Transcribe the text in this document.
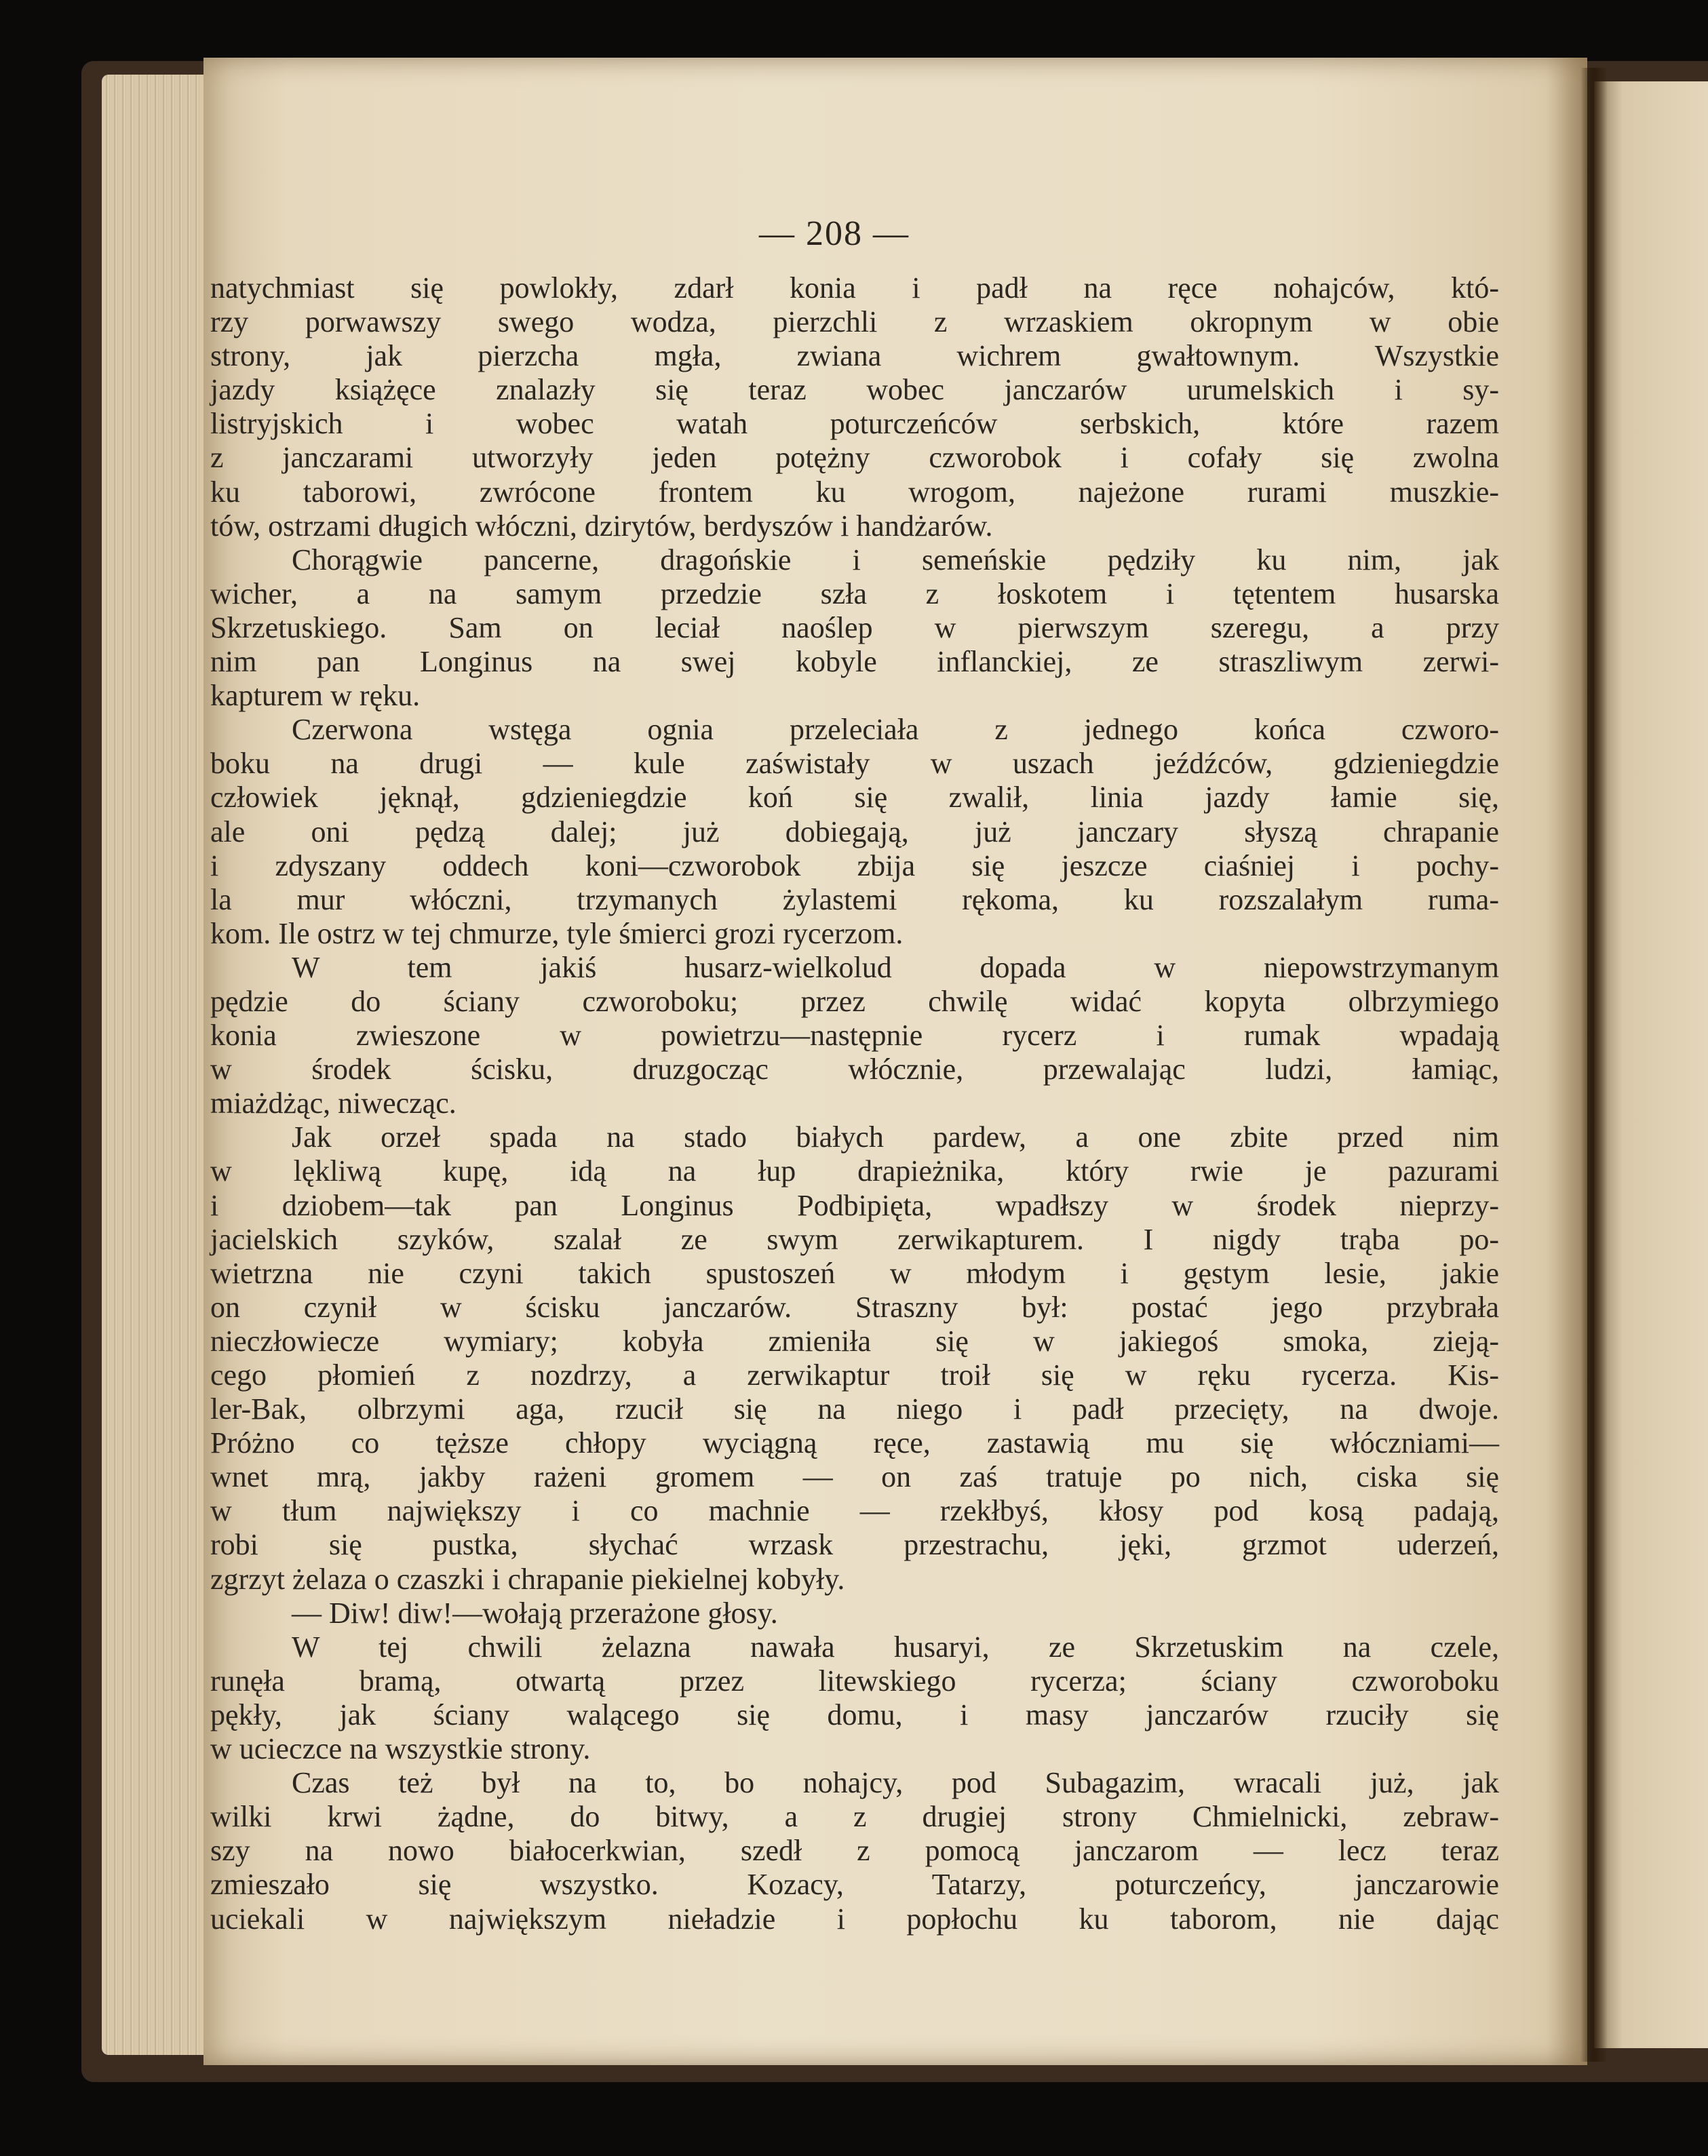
— 208 —
natychmiast się powlokły, zdarł konia i padł na ręce nohajców, któ-
rzy porwawszy swego wodza, pierzchli z wrzaskiem okropnym w obie
strony, jak pierzcha mgła, zwiana wichrem gwałtownym. Wszystkie
jazdy książęce znalazły się teraz wobec janczarów urumelskich i sy-
listryjskich i wobec watah poturczeńców serbskich, które razem
z janczarami utworzyły jeden potężny czworobok i cofały się zwolna
ku taborowi, zwrócone frontem ku wrogom, najeżone rurami muszkie-
tów, ostrzami długich włóczni, dzirytów, berdyszów i handżarów.
Chorągwie pancerne, dragońskie i semeńskie pędziły ku nim, jak
wicher, a na samym przedzie szła z łoskotem i tętentem husarska
Skrzetuskiego. Sam on leciał naoślep w pierwszym szeregu, a przy
nim pan Longinus na swej kobyle inflanckiej, ze straszliwym zerwi-
kapturem w ręku.
Czerwona wstęga ognia przeleciała z jednego końca czworo-
boku na drugi — kule zaświstały w uszach jeźdźców, gdzieniegdzie
człowiek jęknął, gdzieniegdzie koń się zwalił, linia jazdy łamie się,
ale oni pędzą dalej; już dobiegają, już janczary słyszą chrapanie
i zdyszany oddech koni—czworobok zbija się jeszcze ciaśniej i pochy-
la mur włóczni, trzymanych żylastemi rękoma, ku rozszalałym ruma-
kom. Ile ostrz w tej chmurze, tyle śmierci grozi rycerzom.
W tem jakiś husarz-wielkolud dopada w niepowstrzymanym
pędzie do ściany czworoboku; przez chwilę widać kopyta olbrzymiego
konia zwieszone w powietrzu—następnie rycerz i rumak wpadają
w środek ścisku, druzgocząc włócznie, przewalając ludzi, łamiąc,
miażdżąc, niwecząc.
Jak orzeł spada na stado białych pardew, a one zbite przed nim
w lękliwą kupę, idą na łup drapieżnika, który rwie je pazurami
i dziobem—tak pan Longinus Podbipięta, wpadłszy w środek nieprzy-
jacielskich szyków, szalał ze swym zerwikapturem. I nigdy trąba po-
wietrzna nie czyni takich spustoszeń w młodym i gęstym lesie, jakie
on czynił w ścisku janczarów. Straszny był: postać jego przybrała
nieczłowiecze wymiary; kobyła zmieniła się w jakiegoś smoka, zieją-
cego płomień z nozdrzy, a zerwikaptur troił się w ręku rycerza. Kis-
ler-Bak, olbrzymi aga, rzucił się na niego i padł przecięty, na dwoje.
Próżno co tęższe chłopy wyciągną ręce, zastawią mu się włóczniami—
wnet mrą, jakby rażeni gromem — on zaś tratuje po nich, ciska się
w tłum największy i co machnie — rzekłbyś, kłosy pod kosą padają,
robi się pustka, słychać wrzask przestrachu, jęki, grzmot uderzeń,
zgrzyt żelaza o czaszki i chrapanie piekielnej kobyły.
— Diw! diw!—wołają przerażone głosy.
W tej chwili żelazna nawała husaryi, ze Skrzetuskim na czele,
runęła bramą, otwartą przez litewskiego rycerza; ściany czworoboku
pękły, jak ściany walącego się domu, i masy janczarów rzuciły się
w ucieczce na wszystkie strony.
Czas też był na to, bo nohajcy, pod Subagazim, wracali już, jak
wilki krwi żądne, do bitwy, a z drugiej strony Chmielnicki, zebraw-
szy na nowo białocerkwian, szedł z pomocą janczarom — lecz teraz
zmieszało się wszystko. Kozacy, Tatarzy, poturczeńcy, janczarowie
uciekali w największym nieładzie i popłochu ku taborom, nie dając
